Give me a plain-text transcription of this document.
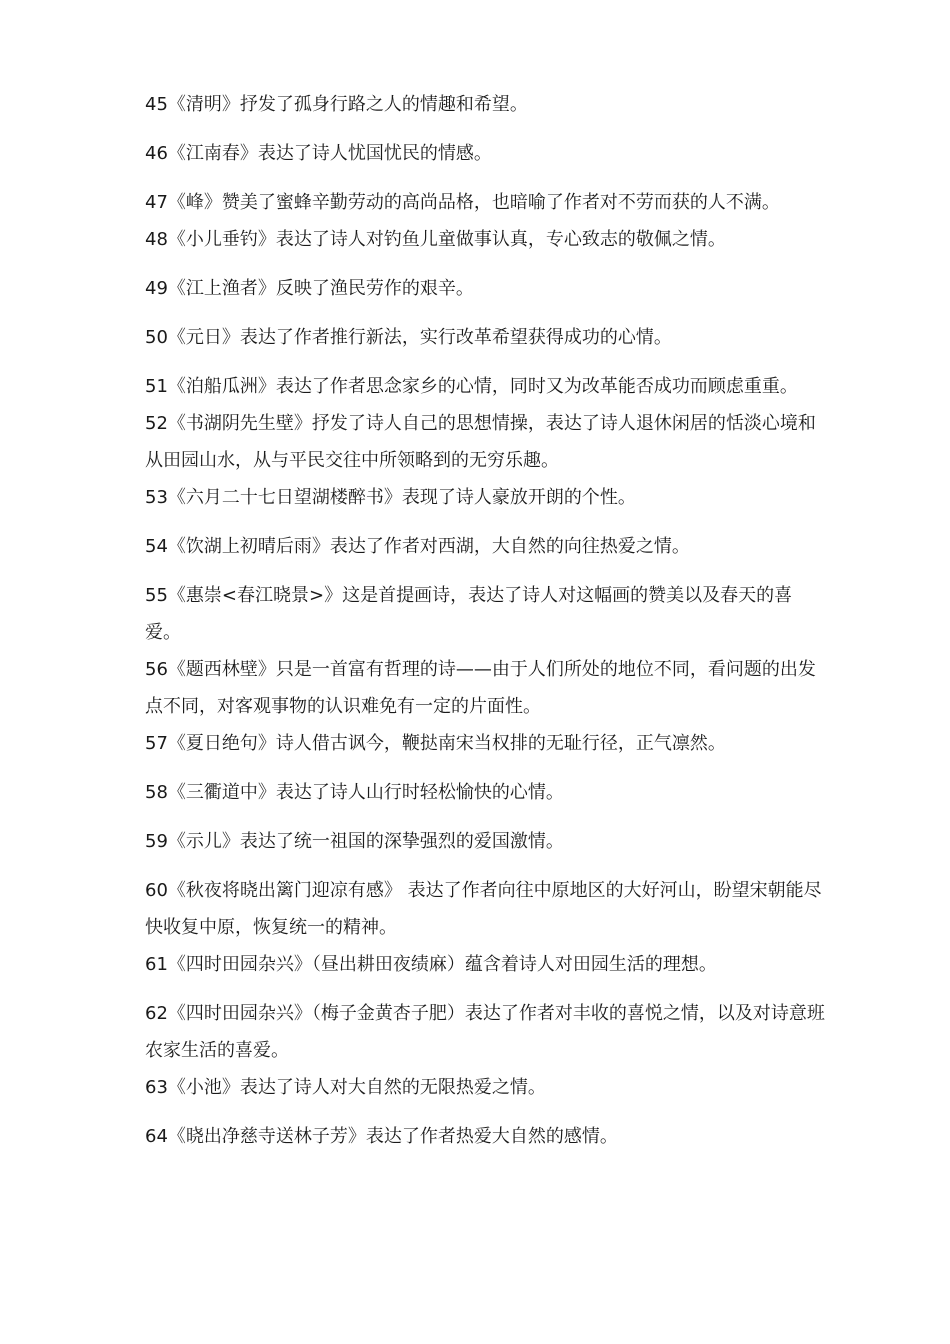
45《清明》抒发了孤身行路之人的情趣和希望。

46《江南春》表达了诗人忧国忧民的情感。

47《峰》赞美了蜜蜂辛勤劳动的高尚品格，也暗喻了作者对不劳而获的人不满。

48《小儿垂钓》表达了诗人对钓鱼儿童做事认真，专心致志的敬佩之情。

49《江上渔者》反映了渔民劳作的艰辛。

50《元日》表达了作者推行新法，实行改革希望获得成功的心情。

51《泊船瓜洲》表达了作者思念家乡的心情，同时又为改革能否成功而顾虑重重。

52《书湖阴先生壁》抒发了诗人自己的思想情操，表达了诗人退休闲居的恬淡心境和从田园山水，从与平民交往中所领略到的无穷乐趣。

53《六月二十七日望湖楼醉书》表现了诗人豪放开朗的个性。

54《饮湖上初晴后雨》表达了作者对西湖，大自然的向往热爱之情。

55《惠崇<春江晓景>》这是首提画诗，表达了诗人对这幅画的赞美以及春天的喜爱。

56《题西林壁》只是一首富有哲理的诗——由于人们所处的地位不同，看问题的出发点不同，对客观事物的认识难免有一定的片面性。

57《夏日绝句》诗人借古讽今，鞭挞南宋当权排的无耻行径，正气凛然。

58《三衢道中》表达了诗人山行时轻松愉快的心情。

59《示儿》表达了统一祖国的深挚强烈的爱国激情。

60《秋夜将晓出篱门迎凉有感》 表达了作者向往中原地区的大好河山，盼望宋朝能尽快收复中原，恢复统一的精神。

61《四时田园杂兴》（昼出耕田夜绩麻）蕴含着诗人对田园生活的理想。

62《四时田园杂兴》（梅子金黄杏子肥）表达了作者对丰收的喜悦之情，以及对诗意班农家生活的喜爱。

63《小池》表达了诗人对大自然的无限热爱之情。

64《晓出净慈寺送林子芳》表达了作者热爱大自然的感情。
